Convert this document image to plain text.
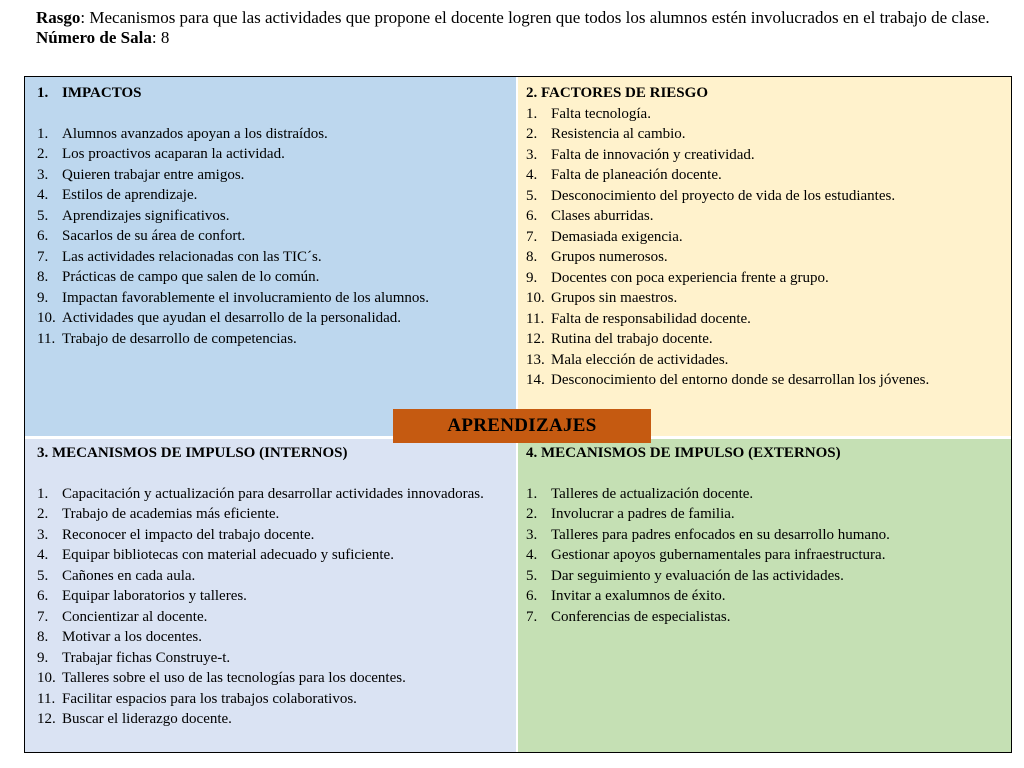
Rasgo: Mecanismos para que las actividades que propone el docente logren que todos los alumnos estén involucrados en el trabajo de clase.
Número de Sala: 8
1. IMPACTOS
1. Alumnos avanzados apoyan a los distraídos.
2. Los proactivos acaparan la actividad.
3. Quieren trabajar entre amigos.
4. Estilos de aprendizaje.
5. Aprendizajes significativos.
6. Sacarlos de su área de confort.
7. Las actividades relacionadas con las TIC´s.
8. Prácticas de campo que salen de lo común.
9. Impactan favorablemente el involucramiento de los alumnos.
10. Actividades que ayudan el desarrollo de la personalidad.
11. Trabajo de desarrollo de competencias.
2. FACTORES DE RIESGO
1. Falta tecnología.
2. Resistencia al cambio.
3. Falta de innovación y creatividad.
4. Falta de planeación docente.
5. Desconocimiento del proyecto de vida de los estudiantes.
6. Clases aburridas.
7. Demasiada exigencia.
8. Grupos numerosos.
9. Docentes con poca experiencia frente a grupo.
10. Grupos sin maestros.
11. Falta de responsabilidad docente.
12. Rutina del trabajo docente.
13. Mala elección de actividades.
14. Desconocimiento del entorno donde se desarrollan los jóvenes.
3. MECANISMOS DE IMPULSO (INTERNOS)
1. Capacitación y actualización para desarrollar actividades innovadoras.
2. Trabajo de academias más eficiente.
3. Reconocer el impacto del trabajo docente.
4. Equipar bibliotecas con material adecuado y suficiente.
5. Cañones en cada aula.
6. Equipar laboratorios y talleres.
7. Concientizar al docente.
8. Motivar a los docentes.
9. Trabajar fichas Construye-t.
10. Talleres sobre el uso de las tecnologías para los docentes.
11. Facilitar espacios para los trabajos colaborativos.
12. Buscar el liderazgo docente.
4. MECANISMOS DE IMPULSO (EXTERNOS)
1. Talleres de actualización docente.
2. Involucrar a padres de familia.
3. Talleres para padres enfocados en su desarrollo humano.
4. Gestionar apoyos gubernamentales para infraestructura.
5. Dar seguimiento y evaluación de las actividades.
6. Invitar a exalumnos de éxito.
7. Conferencias de especialistas.
APRENDIZAJES
